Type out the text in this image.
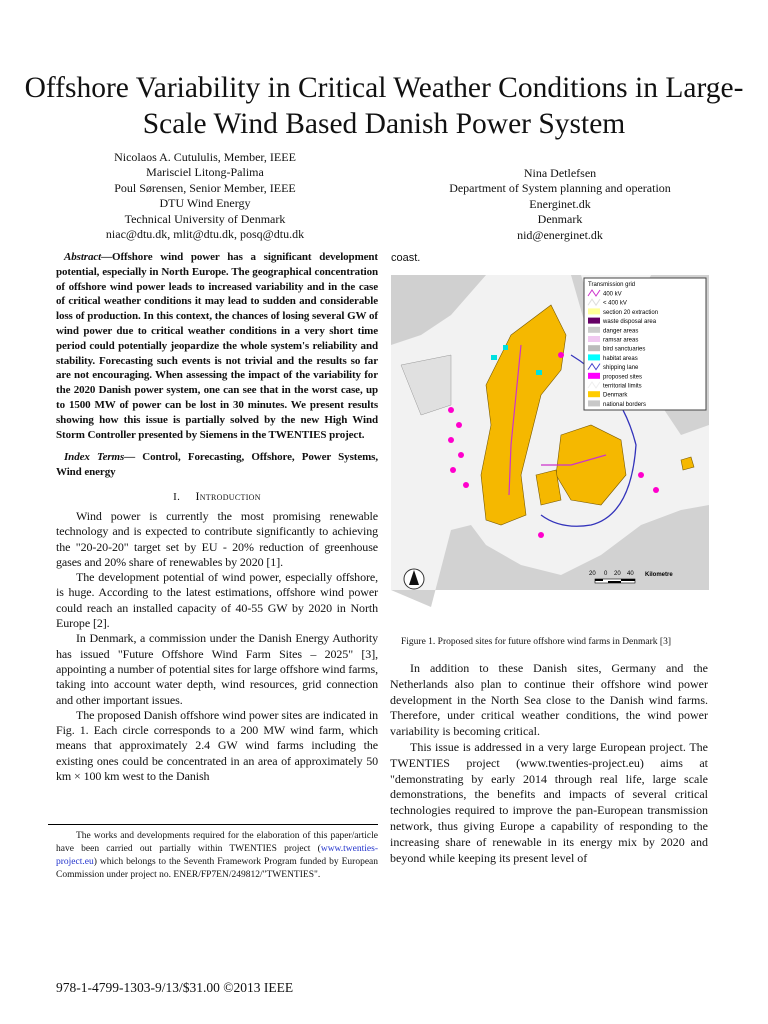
Offshore Variability in Critical Weather Conditions in Large-Scale Wind Based Danish Power System
Nicolaos A. Cutululis, Member, IEEE
Marisciel Litong-Palima
Poul Sørensen, Senior Member, IEEE
DTU Wind Energy
Technical University of Denmark
niac@dtu.dk, mlit@dtu.dk, posq@dtu.dk
Nina Detlefsen
Department of System planning and operation
Energinet.dk
Denmark
nid@energinet.dk

Abstract—Offshore wind power has a significant development potential, especially in North Europe. The geographical concentration of offshore wind power leads to increased variability and in the case of critical weather conditions it may lead to sudden and considerable loss of production. In this context, the chances of losing several GW of wind power due to critical weather conditions in a very short time period could potentially jeopardize the whole system's reliability and stability. Forecasting such events is not trivial and the results so far are not encouraging. When assessing the impact of the variability for the 2020 Danish power system, one can see that in the worst case, up to 1500 MW of power can be lost in 30 minutes. We present results showing how this issue is partially solved by the new High Wind Storm Controller presented by Siemens in the TWENTIES project.

Index Terms— Control, Forecasting, Offshore, Power Systems, Wind energy

I. Introduction

Wind power is currently the most promising renewable technology and is expected to contribute significantly to achieving the "20-20-20" target set by EU - 20% reduction of greenhouse gases and 20% share of renewables by 2020 [1].

The development potential of wind power, especially offshore, is huge. According to the latest estimations, offshore wind power could reach an installed capacity of 40-55 GW by 2020 in North Europe [2].

In Denmark, a commission under the Danish Energy Authority has issued "Future Offshore Wind Farm Sites – 2025" [3], appointing a number of potential sites for large offshore wind farms, taking into account water depth, wind resources, grid connection and other important issues.

The proposed Danish offshore wind power sites are indicated in Fig. 1. Each circle corresponds to a 200 MW wind farm, which means that approximately 2.4 GW wind farms including the existing ones could be concentrated in an area of approximately 50 km × 100 km west to the Danish

coast.
Transmission grid
400 kV
< 400 kV
section 20 extraction
waste disposal area
danger areas
ramsar areas
bird sanctuaries
habitat areas
shipping lane
proposed sites
territorial limits
Denmark
national borders
20 0 20 40 Kilometre
Figure 1. Proposed sites for future offshore wind farms in Denmark [3]

In addition to these Danish sites, Germany and the Netherlands also plan to continue their offshore wind power development in the North Sea close to the Danish wind farms. Therefore, under critical weather conditions, the wind power variability is becoming critical.

This issue is addressed in a very large European project. The TWENTIES project (www.twenties-project.eu) aims at "demonstrating by early 2014 through real life, large scale demonstrations, the benefits and impacts of several critical technologies required to improve the pan-European transmission network, thus giving Europe a capability of responding to the increasing share of renewable in its energy mix by 2020 and beyond while keeping its present level of

The works and developments required for the elaboration of this paper/article have been carried out partially within TWENTIES project (www.twenties-project.eu) which belongs to the Seventh Framework Program funded by European Commission under project no. ENER/FP7EN/249812/"TWENTIES".

978-1-4799-1303-9/13/$31.00 ©2013 IEEE
